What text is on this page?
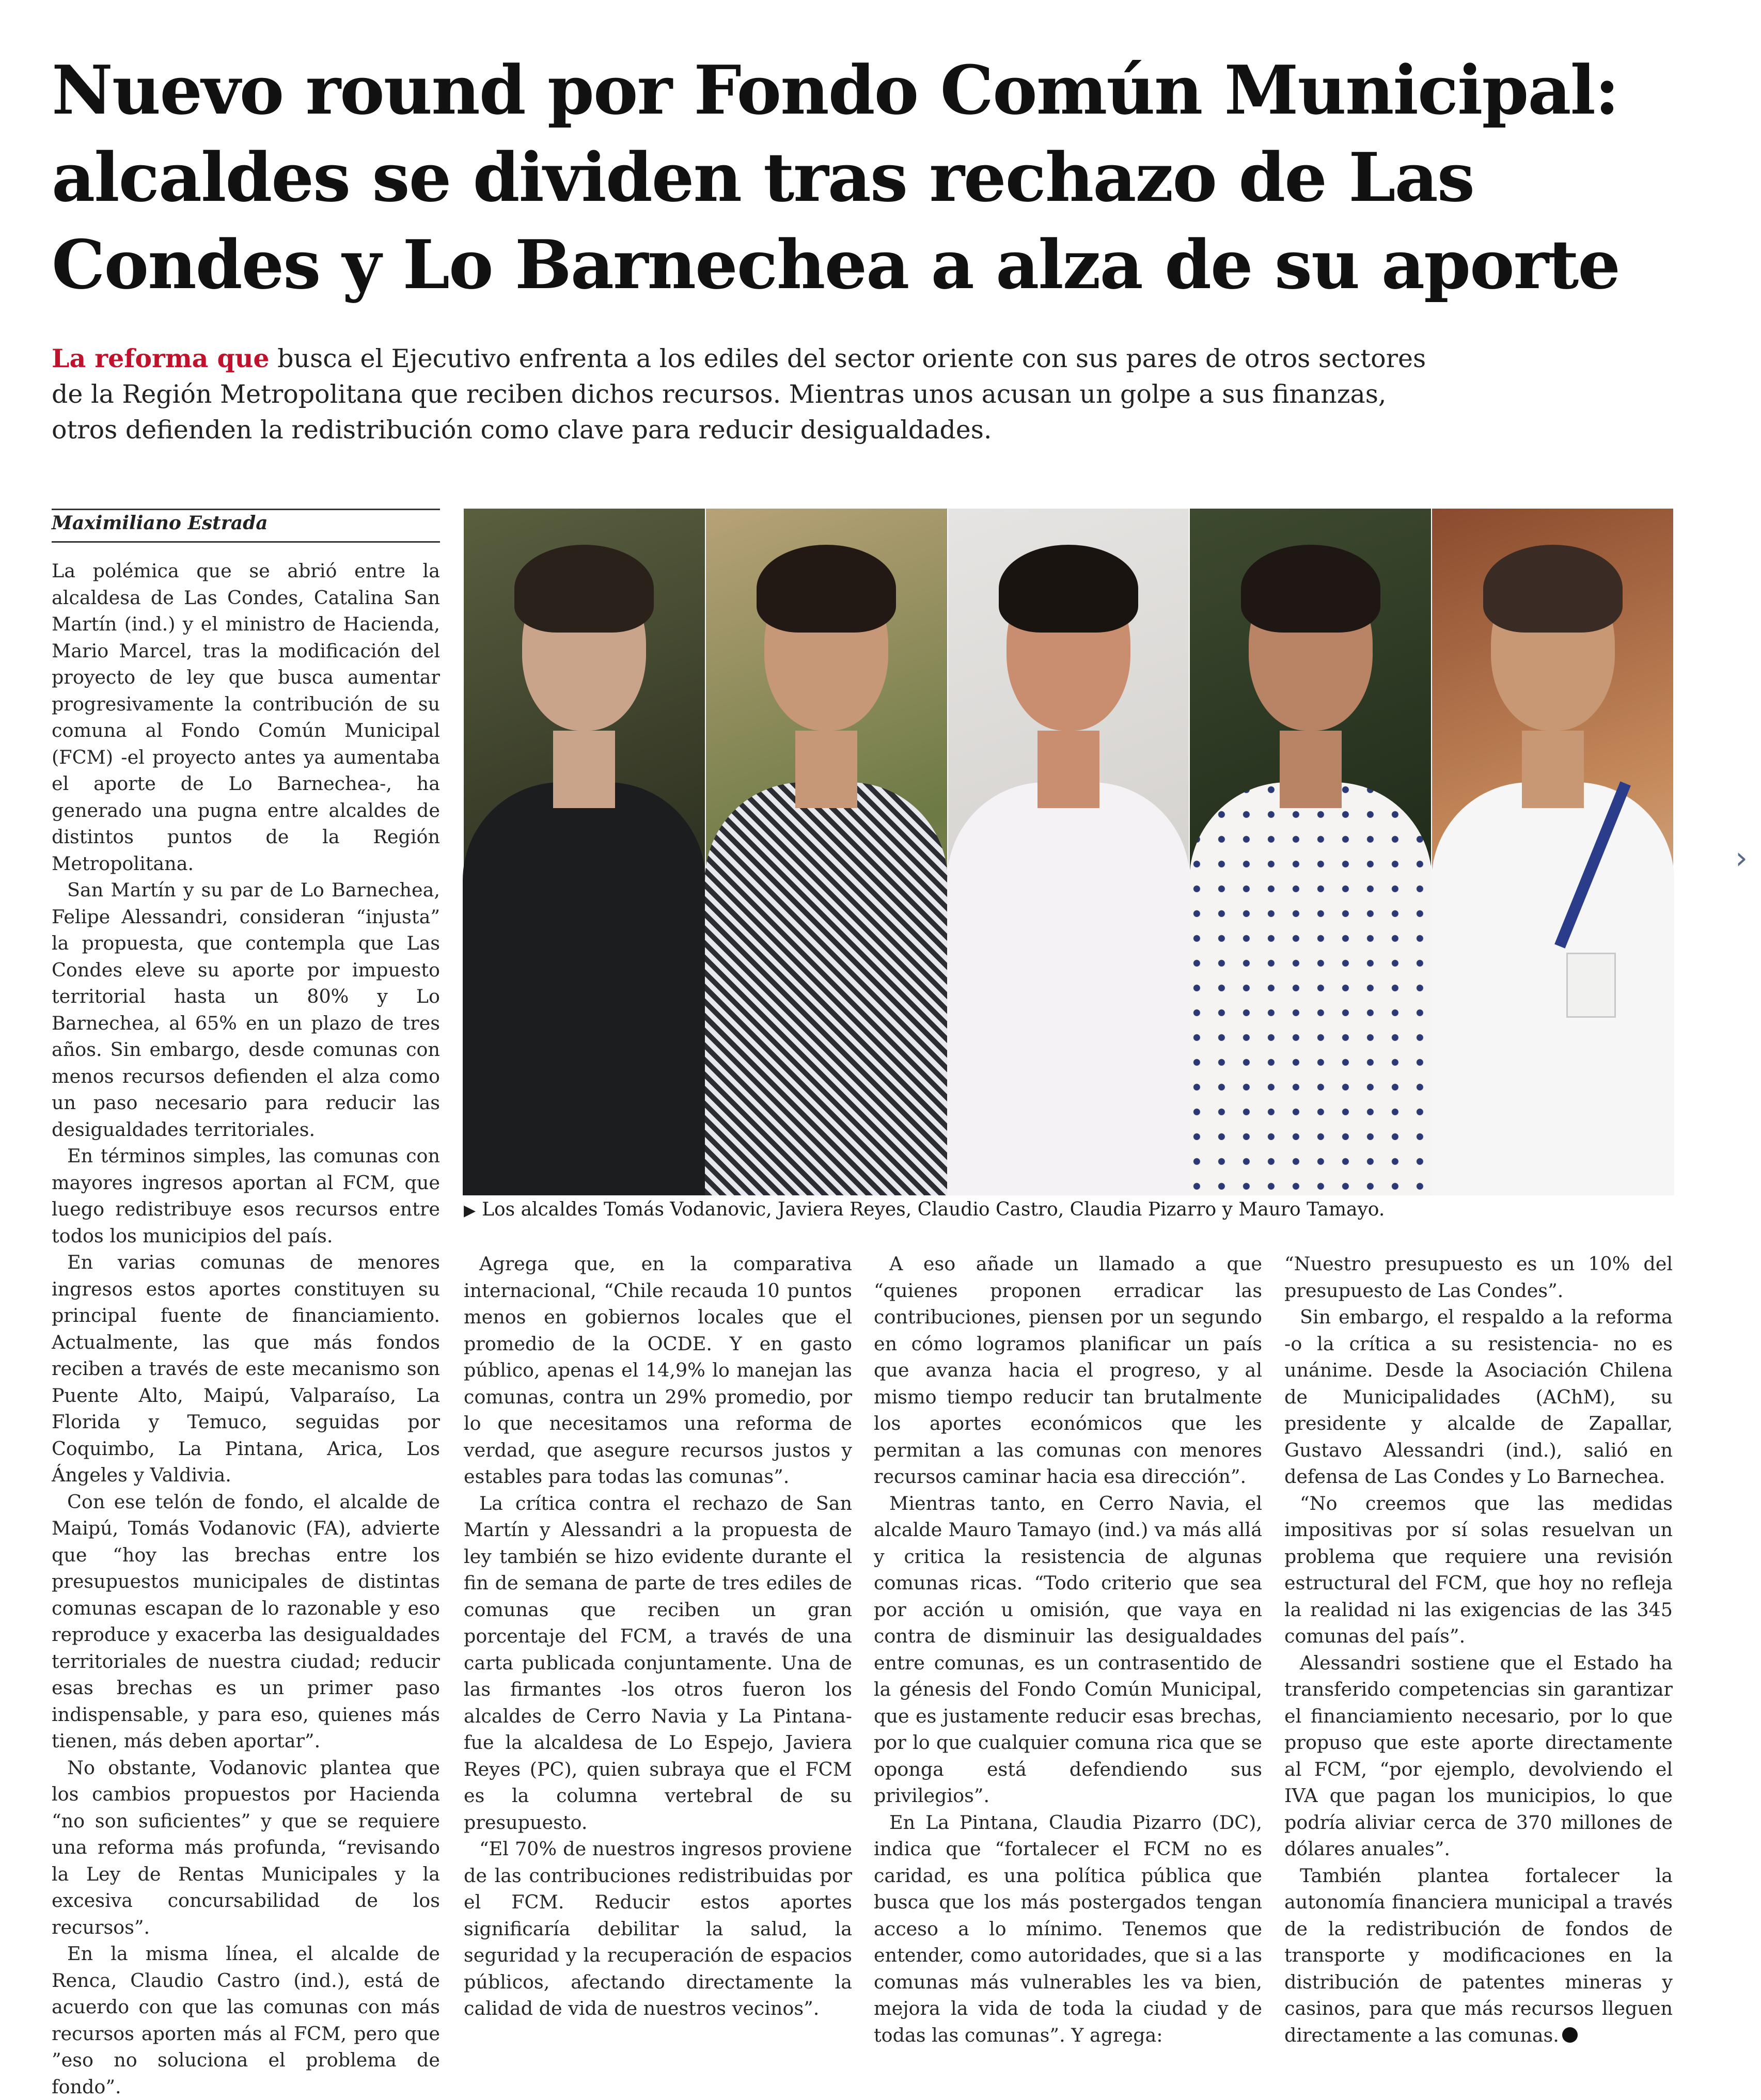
Nuevo round por Fondo Común Municipal:
alcaldes se dividen tras rechazo de Las
Condes y Lo Barnechea a alza de su aporte
La reforma que busca el Ejecutivo enfrenta a los ediles del sector oriente con sus pares de otros sectores
de la Región Metropolitana que reciben dichos recursos. Mientras unos acusan un golpe a sus finanzas,
otros defienden la redistribución como clave para reducir desigualdades.
Maximiliano Estrada

La polémica que se abrió entre la alcaldesa de Las Condes, Catalina San Martín (ind.) y el ministro de Hacienda, Mario Marcel, tras la modificación del proyecto de ley que busca aumentar progresivamente la contribución de su comuna al Fondo Común Municipal (FCM) -el proyecto antes ya aumentaba el aporte de Lo Barnechea-, ha generado una pugna entre alcaldes de distintos puntos de la Región Metropolitana.

San Martín y su par de Lo Barnechea, Felipe Alessandri, consideran “injusta” la propuesta, que contempla que Las Condes eleve su aporte por impuesto territorial hasta un 80% y Lo Barnechea, al 65% en un plazo de tres años. Sin embargo, desde comunas con menos recursos defienden el alza como un paso necesario para reducir las desigualdades territoriales.

En términos simples, las comunas con mayores ingresos aportan al FCM, que luego redistribuye esos recursos entre todos los municipios del país.

En varias comunas de menores ingresos estos aportes constituyen su principal fuente de financiamiento. Actualmente, las que más fondos reciben a través de este mecanismo son Puente Alto, Maipú, Valparaíso, La Florida y Temuco, seguidas por Coquimbo, La Pintana, Arica, Los Ángeles y Valdivia.

Con ese telón de fondo, el alcalde de Maipú, Tomás Vodanovic (FA), advierte que “hoy las brechas entre los presupuestos municipales de distintas comunas escapan de lo razonable y eso reproduce y exacerba las desigualdades territoriales de nuestra ciudad; reducir esas brechas es un primer paso indispensable, y para eso, quienes más tienen, más deben aportar”.

No obstante, Vodanovic plantea que los cambios propuestos por Hacienda “no son suficientes” y que se requiere una reforma más profunda, “revisando la Ley de Rentas Municipales y la excesiva concursabilidad de los recursos”.

En la misma línea, el alcalde de Renca, Claudio Castro (ind.), está de acuerdo con que las comunas con más recursos aporten más al FCM, pero que ”eso no soluciona el problema de fondo”.

▶ Los alcaldes Tomás Vodanovic, Javiera Reyes, Claudio Castro, Claudia Pizarro y Mauro Tamayo.

Agrega que, en la comparativa internacional, “Chile recauda 10 puntos menos en gobiernos locales que el promedio de la OCDE. Y en gasto público, apenas el 14,9% lo manejan las comunas, contra un 29% promedio, por lo que necesitamos una reforma de verdad, que asegure recursos justos y estables para todas las comunas”.

La crítica contra el rechazo de San Martín y Alessandri a la propuesta de ley también se hizo evidente durante el fin de semana de parte de tres ediles de comunas que reciben un gran porcentaje del FCM, a través de una carta publicada conjuntamente. Una de las firmantes -los otros fueron los alcaldes de Cerro Navia y La Pintana- fue la alcaldesa de Lo Espejo, Javiera Reyes (PC), quien subraya que el FCM es la columna vertebral de su presupuesto.

“El 70% de nuestros ingresos proviene de las contribuciones redistribuidas por el FCM. Reducir estos aportes significaría debilitar la salud, la seguridad y la recuperación de espacios públicos, afectando directamente la calidad de vida de nuestros vecinos”.

A eso añade un llamado a que “quienes proponen erradicar las contribuciones, piensen por un segundo en cómo logramos planificar un país que avanza hacia el progreso, y al mismo tiempo reducir tan brutalmente los aportes económicos que les permitan a las comunas con menores recursos caminar hacia esa dirección”.

Mientras tanto, en Cerro Navia, el alcalde Mauro Tamayo (ind.) va más allá y critica la resistencia de algunas comunas ricas. “Todo criterio que sea por acción u omisión, que vaya en contra de disminuir las desigualdades entre comunas, es un contrasentido de la génesis del Fondo Común Municipal, que es justamente reducir esas brechas, por lo que cualquier comuna rica que se oponga está defendiendo sus privilegios”.

En La Pintana, Claudia Pizarro (DC), indica que “fortalecer el FCM no es caridad, es una política pública que busca que los más postergados tengan acceso a lo mínimo. Tenemos que entender, como autoridades, que si a las comunas más vulnerables les va bien, mejora la vida de toda la ciudad y de todas las comunas”. Y agrega:

“Nuestro presupuesto es un 10% del presupuesto de Las Condes”.

Sin embargo, el respaldo a la reforma -o la crítica a su resistencia- no es unánime. Desde la Asociación Chilena de Municipalidades (AChM), su presidente y alcalde de Zapallar, Gustavo Alessandri (ind.), salió en defensa de Las Condes y Lo Barnechea.

“No creemos que las medidas impositivas por sí solas resuelvan un problema que requiere una revisión estructural del FCM, que hoy no refleja la realidad ni las exigencias de las 345 comunas del país”.

Alessandri sostiene que el Estado ha transferido competencias sin garantizar el financiamiento necesario, por lo que propuso que este aporte directamente al FCM, “por ejemplo, devolviendo el IVA que pagan los municipios, lo que podría aliviar cerca de 370 millones de dólares anuales”.

También plantea fortalecer la autonomía financiera municipal a través de la redistribución de fondos de transporte y modificaciones en la distribución de patentes mineras y casinos, para que más recursos lleguen directamente a las comunas.

›
